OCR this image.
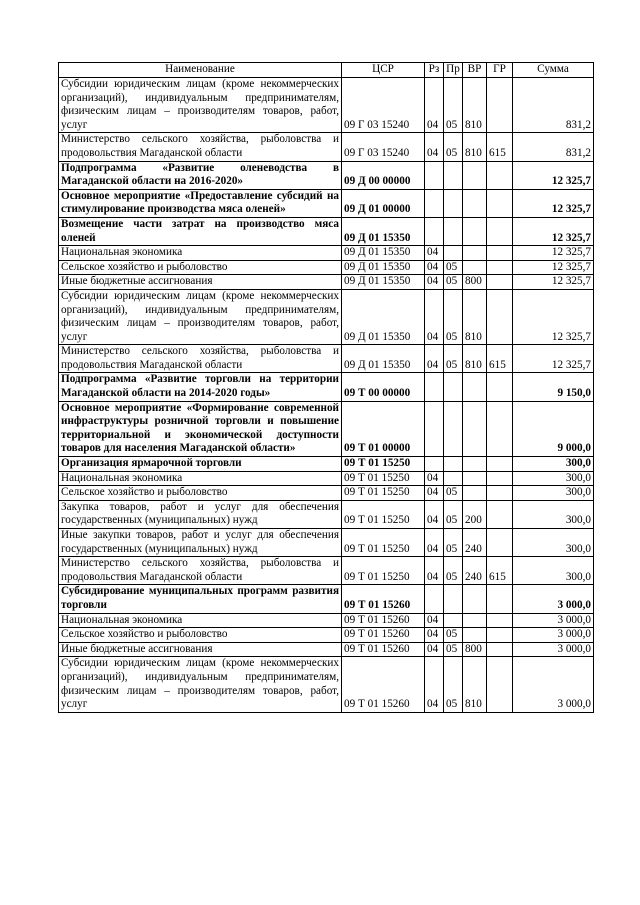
Наименование	ЦСР	Рз	Пр	ВР	ГР	Сумма
Субсидии юридическим лицам (кроме некоммерческих организаций), индивидуальным предпринимателям, физическим лицам – производителям товаров, работ, услуг	09 Г 03 15240	04	05	810		831,2
Министерство сельского хозяйства, рыболовства и продовольствия Магаданской области	09 Г 03 15240	04	05	810	615	831,2
Подпрограмма «Развитие оленеводства в Магаданской области на 2016-2020»	09 Д 00 00000					12 325,7
Основное мероприятие «Предоставление субсидий на стимулирование производства мяса оленей»	09 Д 01 00000					12 325,7
Возмещение части затрат на производство мяса оленей	09 Д 01 15350					12 325,7
Национальная экономика	09 Д 01 15350	04				12 325,7
Сельское хозяйство и рыболовство	09 Д 01 15350	04	05			12 325,7
Иные бюджетные ассигнования	09 Д 01 15350	04	05	800		12 325,7
Субсидии юридическим лицам (кроме некоммерческих организаций), индивидуальным предпринимателям, физическим лицам – производителям товаров, работ, услуг	09 Д 01 15350	04	05	810		12 325,7
Министерство сельского хозяйства, рыболовства и продовольствия Магаданской области	09 Д 01 15350	04	05	810	615	12 325,7
Подпрограмма «Развитие торговли на территории Магаданской области на 2014-2020 годы»	09 Т 00 00000					9 150,0
Основное мероприятие «Формирование современной инфраструктуры розничной торговли и повышение территориальной и экономической доступности товаров для населения Магаданской области»	09 Т 01 00000					9 000,0
Организация ярмарочной торговли	09 Т 01 15250					300,0
Национальная экономика	09 Т 01 15250	04				300,0
Сельское хозяйство и рыболовство	09 Т 01 15250	04	05			300,0
Закупка товаров, работ и услуг для обеспечения государственных (муниципальных) нужд	09 Т 01 15250	04	05	200		300,0
Иные закупки товаров, работ и услуг для обеспечения государственных (муниципальных) нужд	09 Т 01 15250	04	05	240		300,0
Министерство сельского хозяйства, рыболовства и продовольствия Магаданской области	09 Т 01 15250	04	05	240	615	300,0
Субсидирование муниципальных программ развития торговли	09 Т 01 15260					3 000,0
Национальная экономика	09 Т 01 15260	04				3 000,0
Сельское хозяйство и рыболовство	09 Т 01 15260	04	05			3 000,0
Иные бюджетные ассигнования	09 Т 01 15260	04	05	800		3 000,0
Субсидии юридическим лицам (кроме некоммерческих организаций), индивидуальным предпринимателям, физическим лицам – производителям товаров, работ, услуг	09 Т 01 15260	04	05	810		3 000,0
